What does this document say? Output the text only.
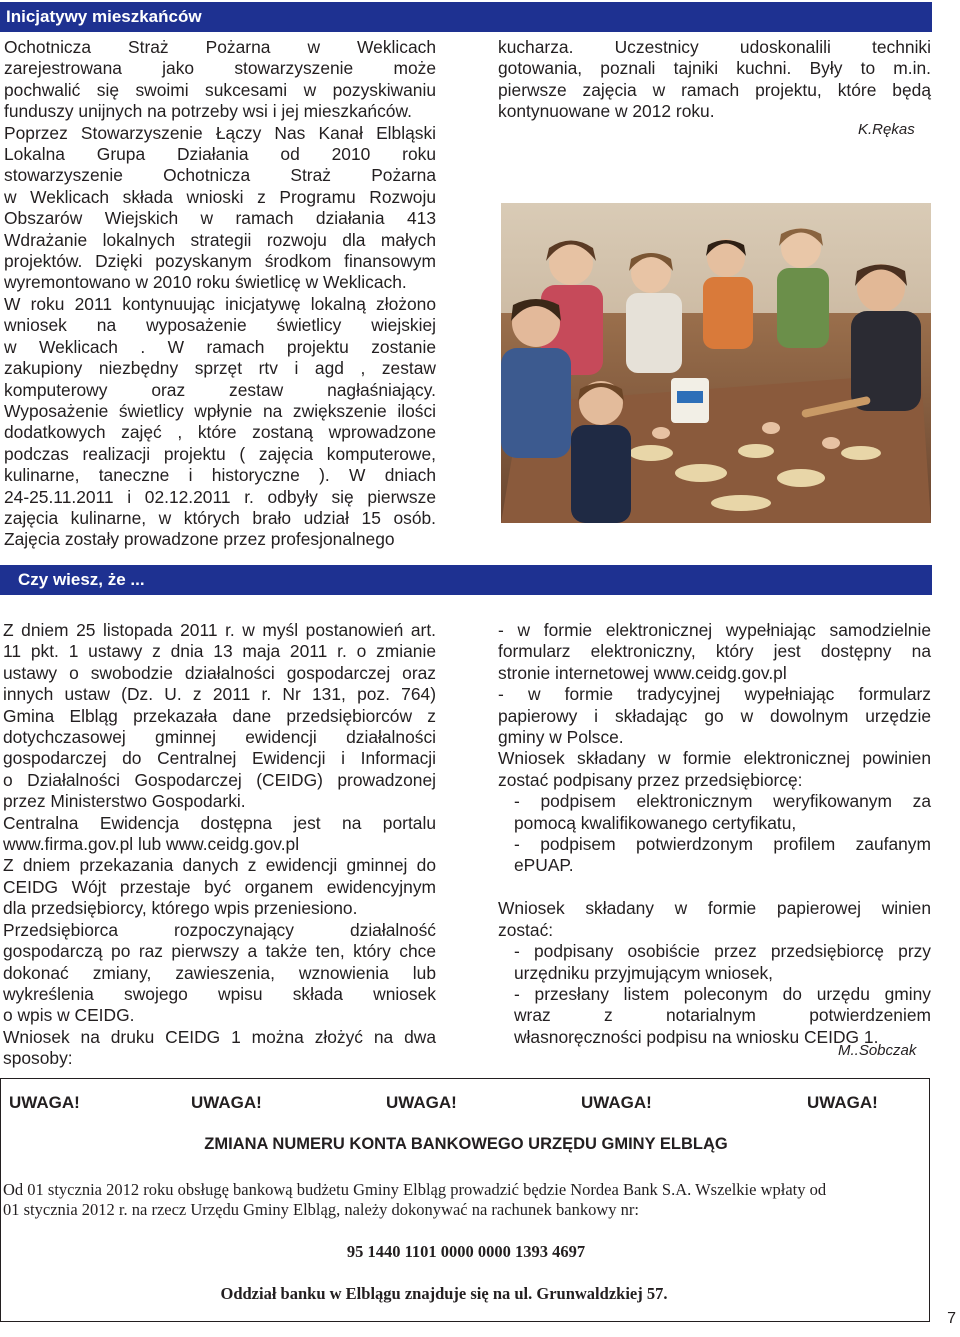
Inicjatywy mieszkańców

Ochotnicza Straż Pożarna w Weklicach

zarejestrowana jako stowarzyszenie może

pochwalić się swoimi sukcesami w pozyskiwaniu

funduszy unijnych na potrzeby wsi i jej mieszkańców.

Poprzez Stowarzyszenie Łączy Nas Kanał Elbląski

Lokalna Grupa Działania od 2010 roku

stowarzyszenie Ochotnicza Straż Pożarna

w Weklicach składa wnioski z Programu Rozwoju

Obszarów Wiejskich w ramach działania 413

Wdrażanie lokalnych strategii rozwoju dla małych

projektów. Dzięki pozyskanym środkom finansowym

wyremontowano w 2010 roku świetlicę w Weklicach.

W roku 2011 kontynuując inicjatywę lokalną złożono

wniosek na wyposażenie świetlicy wiejskiej

w Weklicach . W ramach projektu zostanie

zakupiony niezbędny sprzęt rtv i agd , zestaw

komputerowy oraz zestaw nagłaśniający.

Wyposażenie świetlicy wpłynie na zwiększenie ilości

dodatkowych zajęć , które zostaną wprowadzone

podczas realizacji projektu ( zajęcia komputerowe,

kulinarne, taneczne i historyczne ). W dniach

24-25.11.2011 i 02.12.2011 r. odbyły się pierwsze

zajęcia kulinarne, w których brało udział 15 osób.

Zajęcia zostały prowadzone przez profesjonalnego

kucharza. Uczestnicy udoskonalili techniki

gotowania, poznali tajniki kuchni. Były to m.in.

pierwsze zajęcia w ramach projektu, które będą

kontynuowane w 2012 roku.

K.Rękas
Czy wiesz, że ...

Z dniem 25 listopada 2011 r. w myśl postanowień art.

11 pkt. 1 ustawy z dnia 13 maja 2011 r. o zmianie

ustawy o swobodzie działalności gospodarczej oraz

innych ustaw (Dz. U. z 2011 r. Nr 131, poz. 764)

Gmina Elbląg przekazała dane przedsiębiorców z

dotychczasowej gminnej ewidencji działalności

gospodarczej do Centralnej Ewidencji i Informacji

o Działalności Gospodarczej (CEIDG) prowadzonej

przez Ministerstwo Gospodarki.

Centralna Ewidencja dostępna jest na portalu

www.firma.gov.pl lub www.ceidg.gov.pl

Z dniem przekazania danych z ewidencji gminnej do

CEIDG Wójt przestaje być organem ewidencyjnym

dla przedsiębiorcy, którego wpis przeniesiono.

Przedsiębiorca rozpoczynający działalność

gospodarczą po raz pierwszy a także ten, który chce

dokonać zmiany, zawieszenia, wznowienia lub

wykreślenia swojego wpisu składa wniosek

o wpis w CEIDG.

Wniosek na druku CEIDG 1 można złożyć na dwa

sposoby:

- w formie elektronicznej wypełniając samodzielnie

formularz elektroniczny, który jest dostępny na

stronie internetowej www.ceidg.gov.pl

- w formie tradycyjnej wypełniając formularz

papierowy i składając go w dowolnym urzędzie

gminy w Polsce.

Wniosek składany w formie elektronicznej powinien

zostać podpisany przez przedsiębiorcę:

- podpisem elektronicznym weryfikowanym za

pomocą kwalifikowanego certyfikatu,

- podpisem potwierdzonym profilem zaufanym

ePUAP.

Wniosek składany w formie papierowej winien

zostać:

- podpisany osobiście przez przedsiębiorcę przy

urzędniku przyjmującym wniosek,

- przesłany listem poleconym do urzędu gminy

wraz z notarialnym potwierdzeniem

własnoręczności podpisu na wniosku CEIDG 1.

M..Sobczak
UWAGA!	UWAGA!	UWAGA!	UWAGA!	UWAGA!
ZMIANA NUMERU KONTA BANKOWEGO URZĘDU GMINY ELBLĄG
Od 01 stycznia 2012 roku obsługę bankową budżetu Gminy Elbląg prowadzić będzie Nordea Bank S.A. Wszelkie wpłaty od
01 stycznia 2012 r. na rzecz Urzędu Gminy Elbląg, należy dokonywać na rachunek bankowy nr:
95 1440 1101 0000 0000 1393 4697
Oddział banku w Elblągu znajduje się na ul. Grunwaldzkiej 57.
7
